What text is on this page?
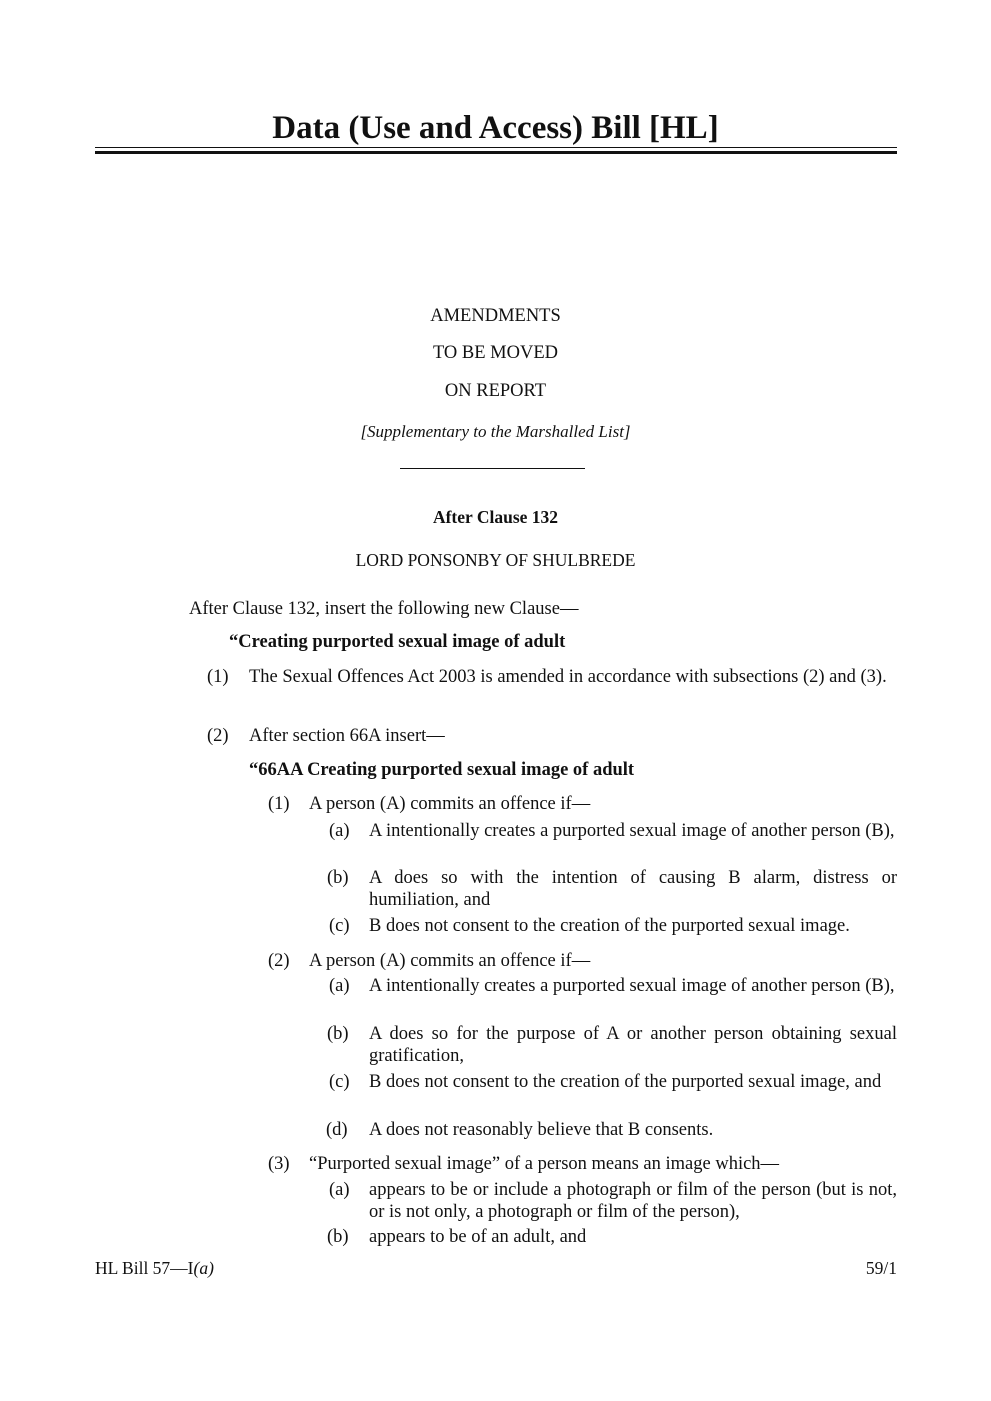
Data (Use and Access) Bill [HL]
AMENDMENTS
TO BE MOVED
ON REPORT
[Supplementary to the Marshalled List]
After Clause 132
LORD PONSONBY OF SHULBREDE
After Clause 132, insert the following new Clause—
“Creating purported sexual image of adult
(1) The Sexual Offences Act 2003 is amended in accordance with subsections (2) and (3).
(2) After section 66A insert—
“66AA Creating purported sexual image of adult
(1) A person (A) commits an offence if—
(a) A intentionally creates a purported sexual image of another person (B),
(b) A does so with the intention of causing B alarm, distress or humiliation, and
(c) B does not consent to the creation of the purported sexual image.
(2) A person (A) commits an offence if—
(a) A intentionally creates a purported sexual image of another person (B),
(b) A does so for the purpose of A or another person obtaining sexual gratification,
(c) B does not consent to the creation of the purported sexual image, and
(d) A does not reasonably believe that B consents.
(3) “Purported sexual image” of a person means an image which—
(a) appears to be or include a photograph or film of the person (but is not, or is not only, a photograph or film of the person),
(b) appears to be of an adult, and
HL Bill 57—I(a)	59/1
